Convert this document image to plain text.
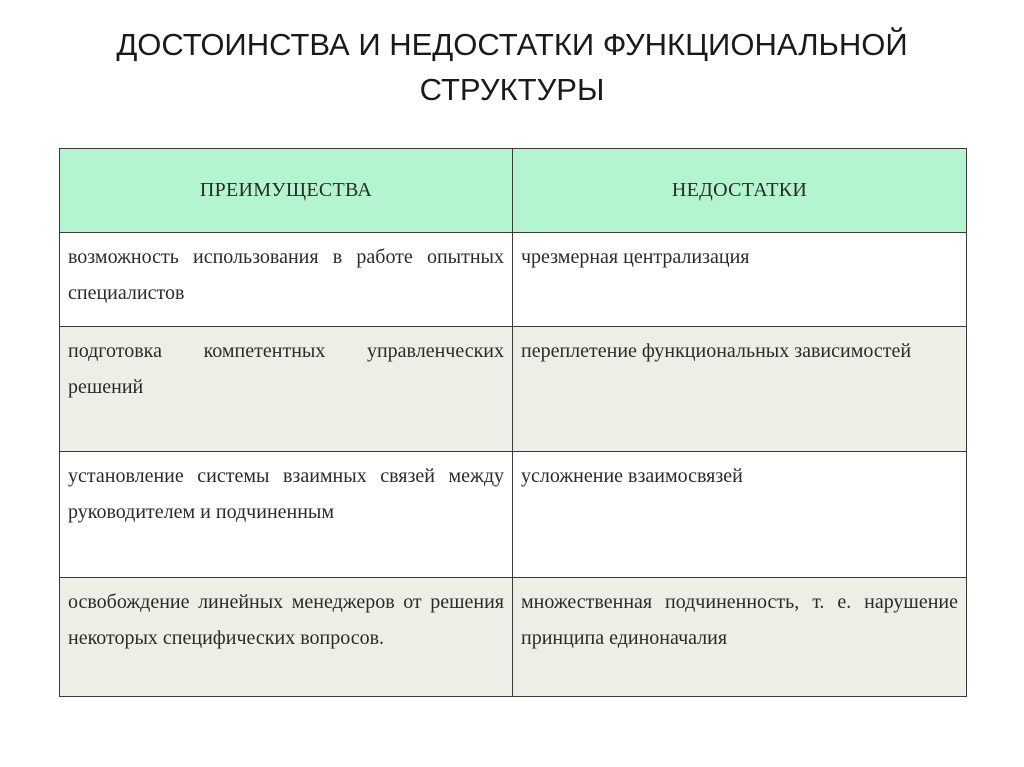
ДОСТОИНСТВА И НЕДОСТАТКИ ФУНКЦИОНАЛЬНОЙ
СТРУКТУРЫ
ПРЕИМУЩЕСТВА	НЕДОСТАТКИ
возможность использования в работе опытных специалистов	чрезмерная централизация
подготовка компетентных управленческих решений	переплетение функциональных зависимостей
установление системы взаимных связей между руководителем и подчиненным	усложнение взаимосвязей
освобождение линейных менеджеров от решения некоторых специфических вопросов.	множественная подчиненность, т. е. нарушение принципа единоначалия
